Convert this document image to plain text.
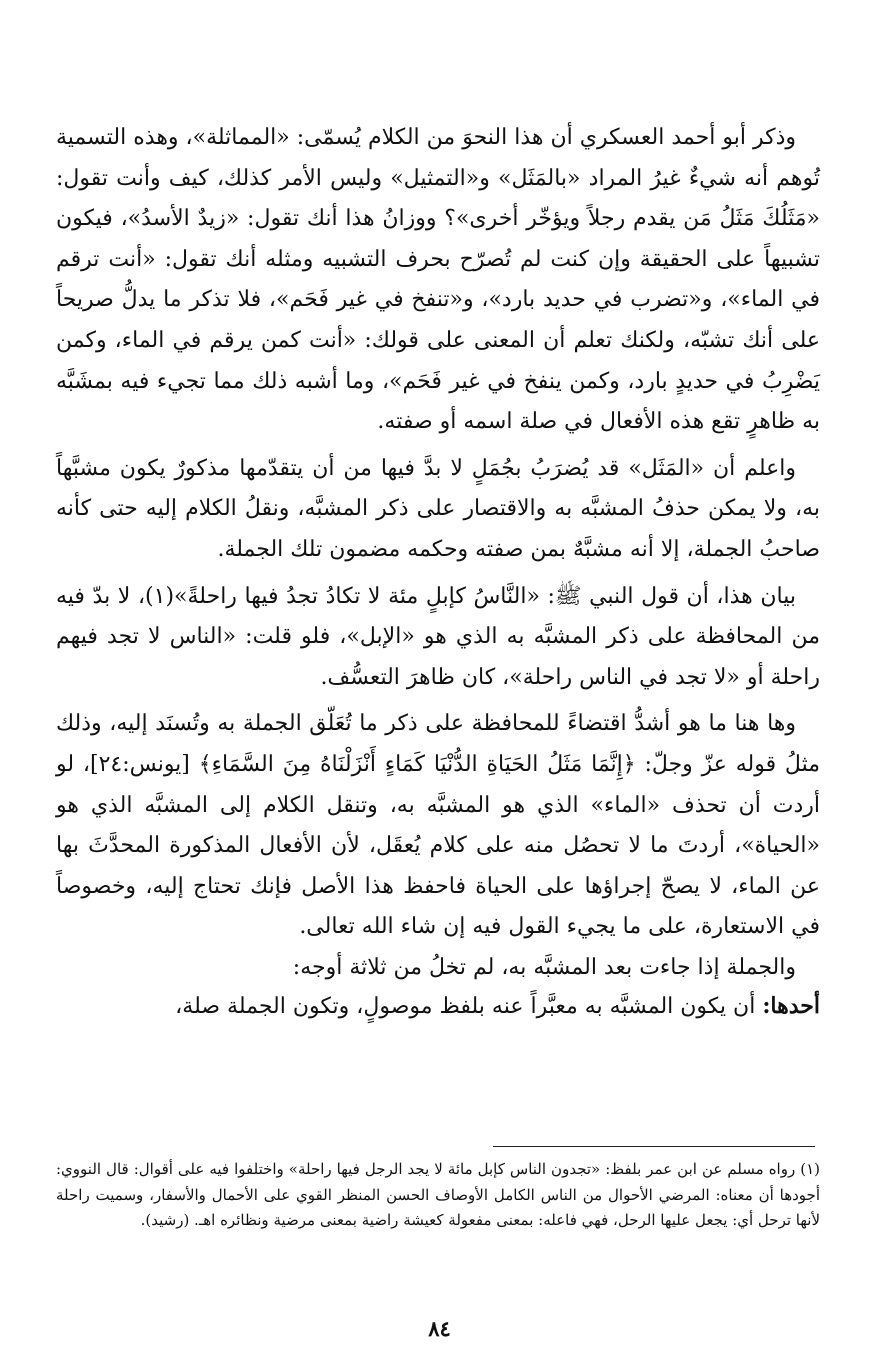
وذكر أبو أحمد العسكري أن هذا النحوَ من الكلام يُسمّى: «المماثلة»، وهذه التسمية تُوهم أنه شيءٌ غيرُ المراد «بالمَثَل» و«التمثيل» وليس الأمر كذلك، كيف وأنت تقول: «مَثَلُكَ مَثَلُ مَن يقدم رجلاً ويؤخّر أخرى»؟ ووزانُ هذا أنك تقول: «زيدٌ الأسدُ»، فيكون تشبيهاً على الحقيقة وإن كنت لم تُصرّح بحرف التشبيه ومثله أنك تقول: «أنت ترقم في الماء»، و«تضرب في حديد بارد»، و«تنفخ في غير فَحَم»، فلا تذكر ما يدلُّ صريحاً على أنك تشبّه، ولكنك تعلم أن المعنى على قولك: «أنت كمن يرقم في الماء، وكمن يَضْرِبُ في حديدٍ بارد، وكمن ينفخ في غير فَحَم»، وما أشبه ذلك مما تجيء فيه بمشَبَّه به ظاهرٍ تقع هذه الأفعال في صلة اسمه أو صفته.

واعلم أن «المَثَل» قد يُضرَبُ بجُمَلٍ لا بدَّ فيها من أن يتقدّمها مذكورٌ يكون مشبَّهاً به، ولا يمكن حذفُ المشبَّه به والاقتصار على ذكر المشبَّه، ونقلُ الكلام إليه حتى كأنه صاحبُ الجملة، إلا أنه مشبَّهٌ بمن صفته وحكمه مضمون تلك الجملة.

بيان هذا، أن قول النبي ﷺ: «النَّاسُ كإبلٍ مئة لا تكادُ تجدُ فيها راحلةً»(١)، لا بدّ فيه من المحافظة على ذكر المشبَّه به الذي هو «الإبل»، فلو قلت: «الناس لا تجد فيهم راحلة أو «لا تجد في الناس راحلة»، كان ظاهرَ التعسُّف.

وها هنا ما هو أشدُّ اقتضاءً للمحافظة على ذكر ما تُعَلّق الجملة به وتُسنَد إليه، وذلك مثلُ قوله عزّ وجلّ: ﴿إِنَّمَا مَثَلُ الحَيَاةِ الدُّنْيَا كَمَاءٍ أَنْزَلْنَاهُ مِنَ السَّمَاءِ﴾ [يونس:٢٤]، لو أردت أن تحذف «الماء» الذي هو المشبَّه به، وتنقل الكلام إلى المشبَّه الذي هو «الحياة»، أردتَ ما لا تحصُل منه على كلام يُعقَل، لأن الأفعال المذكورة المحدَّثَ بها عن الماء، لا يصحّ إجراؤها على الحياة فاحفظ هذا الأصل فإنك تحتاج إليه، وخصوصاً في الاستعارة، على ما يجيء القول فيه إن شاء الله تعالى.

والجملة إذا جاءت بعد المشبَّه به، لم تخلُ من ثلاثة أوجه:

أحدها: أن يكون المشبَّه به معبَّراً عنه بلفظ موصولٍ، وتكون الجملة صلة،

(١) رواه مسلم عن ابن عمر بلفظ: «تجدون الناس كإبل مائة لا يجد الرجل فيها راحلة» واختلفوا فيه على أقوال: قال النووي: أجودها أن معناه: المرضي الأحوال من الناس الكامل الأوصاف الحسن المنظر القوي على الأحمال والأسفار، وسميت راحلة لأنها ترحل أي: يجعل عليها الرحل، فهي فاعله: بمعنى مفعولة كعيشة راضية بمعنى مرضية ونظائره اهـ. (رشيد).

٨٤
